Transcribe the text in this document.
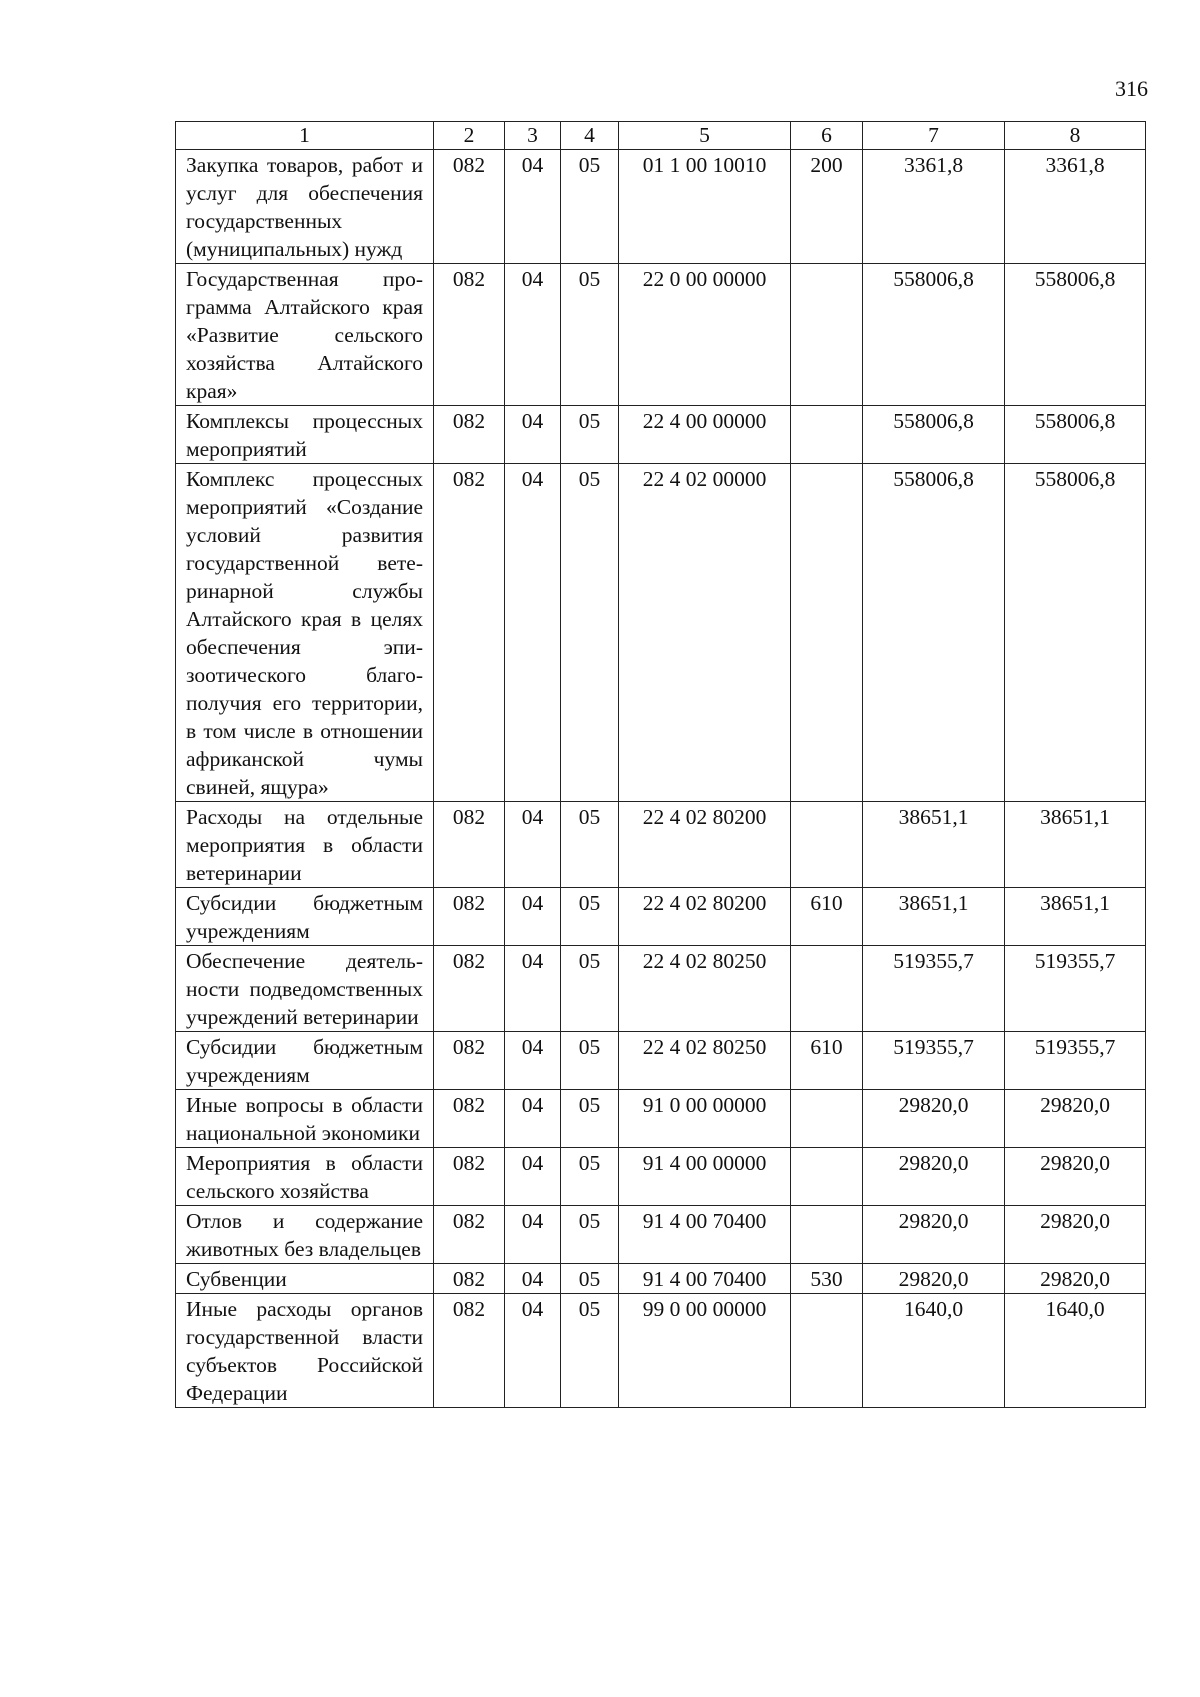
316
1	2	3	4	5	6	7	8
Закупка товаров, работ и услуг для обеспечения государственных (муниципальных) нужд	082	04	05	01 1 00 10010	200	3361,8	3361,8
Государственная программа Алтайского края «Развитие сельского хозяйства Алтайского края»	082	04	05	22 0 00 00000		558006,8	558006,8
Комплексы процессных мероприятий	082	04	05	22 4 00 00000		558006,8	558006,8
Комплекс процессных мероприятий «Создание условий развития государственной ветеринарной службы Алтайского края в целях обеспечения эпизоотического благополучия его территории, в том числе в отношении африканской чумы свиней, ящура»	082	04	05	22 4 02 00000		558006,8	558006,8
Расходы на отдельные мероприятия в области ветеринарии	082	04	05	22 4 02 80200		38651,1	38651,1
Субсидии бюджетным учреждениям	082	04	05	22 4 02 80200	610	38651,1	38651,1
Обеспечение деятельности подведомственных учреждений ветеринарии	082	04	05	22 4 02 80250		519355,7	519355,7
Субсидии бюджетным учреждениям	082	04	05	22 4 02 80250	610	519355,7	519355,7
Иные вопросы в области национальной экономики	082	04	05	91 0 00 00000		29820,0	29820,0
Мероприятия в области сельского хозяйства	082	04	05	91 4 00 00000		29820,0	29820,0
Отлов и содержание животных без владельцев	082	04	05	91 4 00 70400		29820,0	29820,0
Субвенции	082	04	05	91 4 00 70400	530	29820,0	29820,0
Иные расходы органов государственной власти субъектов Российской Федерации	082	04	05	99 0 00 00000		1640,0	1640,0
